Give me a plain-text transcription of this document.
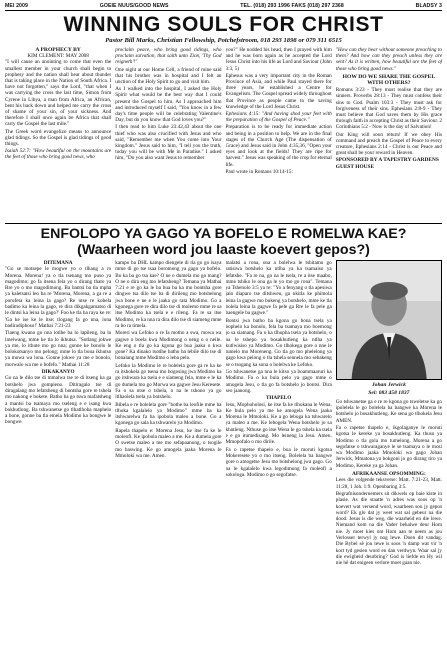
MEI 2009	GOEIE NUUS/GOOD NEWS	TEL. (018) 293 1996 FAKS (018) 297 2368	BLADSY 3
WINNING SOULS FOR CHRIST
Pastor Bill Marks, Christian Fellowship, Potchefstroom, 018 293 1898 or 079 311 6515
A PROPHECY BY
KIM CLEMENT: MAY 2008

"I will cause an anointing to come that even the smallest member in your church shall begin to prophesy and the nation shall hear about thunder that is taking place in the Nation of South Africa. I have not forgotten," says the Lord, "that when I was carrying the cross the last time, Simon from Cyrene in Libya, a man from Africa, an African, bent his back down and helped me carry the cross of shame of your sin, of your sickness. And therefore I shall once again be Africa that shall carry the Gospel the last mile."

The Greek word evangelizo means to announce glad tidings. So the Gospel is glad tidings of good things.

Isaiah 52:7: "How beautiful on the mountains are the feet of those who bring good news, who

proclaim peace, who bring good tidings, who proclaim salvation, that saith unto Zion, 'Thy God reigneth'!"

One night at our Home Cell, a friend of mine said that his brother was in hospital and I felt an unction of the Holy Spirit to go and visit him.

As I walked into the hospital, I asked the Holy Spirit what would be the best way that I could present the Gospel to him. As I approached him and introduced myself I said, "You know in a few day's time people will be celebrating Valentine's Day, but do you know that God loves you?"

I then read to him Luke 23:42,43 about the one thief who was also crucified with Jesus and who said, "Remember me when You come into Your kingdom." Jesus said to him, "I tell you the truth, today you will be with Me in Paradise." I asked him, "Do you also want Jesus to remember

you?" He nodded his head, then I prayed with him and he was born again as he accepted the Lord Jesus Christ into his life as Lord and Saviour (John 3:3, 5)

Ephesus was a very important city in the Roman Province of Asia, and while Paul stayed there for three years, he established a Centre for Evangelism. The Gospel spread widely throughout that Province as people came to the saving knowledge of the Lord Jesus Christ.

Ephesians 4:15: "And having shod your feet with the preparation of the Gospel of Peace."

Preparation is to be ready for immediate action and being in a position to help. We are in the final stages of the Church Age (The dispensation of Grace) and Jesus said in John 4:35,36, "Open your eyes and look at the fields! They are ripe for harvest." Jesus was speaking of the crop for eternal life.

Paul wrote in Romans 10:14-15:

"How can they hear without someone preaching to them? And how can they preach unless they are sent? As it is written, how beautiful are the feet of those who bring good news."

HOW DO WE SHARE THE GOSPEL WITH OTHERS?

Romans 3:23 - They must realise that they are sinners. Proverbs 28:13 - They must confess their sins to God. Psalm 103:3 - They must ask for forgiveness of their sins. Ephesians 2:8-9 - They must believe that God saves them by His grace through faith in accepting Christ as their Saviour. 2 Corinthians 5:2 - Now is the day of Salvation!

Our King will soon return! If we obey His command and preach the Gospel of Peace to every creature, Ephesians 2:14 - Christ is our Peace and great shall be your reward in Heaven.

SPONSORED BY A TAPESTRY GARDENS GUEST HOUSE
ENFOLOPO YA GAGO YA BOFELO E ROMELWA KAE?
(Waarheen word jou laaste koevert gepos?)
DITEMANA

"Go se motsepe le mogwe yo o tlhang a ro Morena. Morena! ya o tla tsenang mo puso ya magodimo; go fa itsena fela yo o dirang thato ya Rre yo o mo magodimong. Ba bantsi ba tla mpha ya kaletsatsi leo ba re 'Morena, Morena, a ga re a porofeta ka leina la gago? Re ntse re kobela badimo ka leina la gago, re dira dikgakgamatso di le dintsi ka leina la gago?' Foo ke tla ba raya ke re: 'Ga ke ise ke le itse; tlogang fa go nna, lona badiradiphoso!' Mathai 7:21-23

Tlaeng kwano go nna lotlhe ba lo lapileng, ba lo imelwang, mme ke tla lo ikhutsa. "Sotlang jokwe ya me, lo ithute mo go nna; gonne ke bonolo le bolokotsanyo mo pelong; mme lo tla bona ikhutso ya mowa wa lona. Gonne jokwe ya me e bonolo, morwalo wa me o bofefo." Mathai 11:28

DIKAKANYO

Go na le dilo tse di mmalwa tse re di itseng ka ga botshelo jwa gompieno. Ditiragalo tse di diragalang mo lefatsheng di bontsha gore re tshela mo nakong e bokete. Batho ba go tswa mafatsheng a mantsi ba tsamaya mo tseleng e e isang kwa bokhutlong. Ba tshwanetse go tlhatlhoba maphelo a bone, gonne ba tla emela Modimo ka bongwe le bongwe.

kampo ba DHL kampo diengele di tla go go isaya mme di go tse tsaa boromong ya gago ya bofelo. Bo ka ba go tsa kae? O ne o dumela mo go mang? O ne o dira eng mo lefatsheng? Temana ya Mathai 7:21 e re go ka le ba bua ba ka mo bontsha gore dingwe tsa dilo tse ba di dirileng mo botshelong jwa bone e ne e le jaaka go rata Modimo. Go a kgonega gore re dira dilo tse di molemo mme re sa itse Modimo ka tsela e e rileng. Fa re sa itse Modimo, re ka nna ra dira dilo tse di siameng mme ra bo ra timela.

Moreri wa Lefoko o re fa motho a swa, mowa wa gagwe o boela kwa Modimong o neng o o neile. Ke eng o tla go ka kgona go bua jaaka o kwa gone? Ka dinako tsotlhe batho ba lebile dilo tse di bonalang mme Modimo o leba pelo.

Lefoko la Modimo le re bolelela gore ga re ka ke ra itshokela go tsena mo bogosing jwa Modimo ka go itshwara ka tsela e e siameng fela, mme e le ka go dumela mo go Morwa wa gagwe Jesu Keresete. Fa o sa ntse o tshela, o na le tshono ya go itlhaolela tsela ya botshelo.

Bibela e re bolelela gore "bothe ba leofile mme ba tlhoka kgalalelo ya Modimo" mme ba ka itshwarelwa fa ba ipobola maleo a bone. Go a kgonega go sala ka tshwarelo ya Modimo.

Rapela thapelo e: Morena Jesu, ke itse fa ke le moleofi. Ke ipobola maleo a me. Ke a dumela gore O swetse maleo a me mo sefapaanong, o tsogile mo baswing. Ke go amogela jaaka Morena le Mmoloki wa me. Amen.

malatsi a rona, ona a bolelwa le tshitamo go ratisiwa botshelo ka ntlha ya ka tsamaiso ya lefatshe. "Fa re na, go na le tsela, re a itse maabo, mme tshiko le ona ga le yo mo go rona". Temana ya Tshenolo 3:5 ya re: "Yo a fenyang o tla apesiwa jalo diaparo tse ditshweu, ga nkitla ke phimola leina la gagwe mo bukeng ya botshelo, mme ke tla bolela leina la gagwe fa pele ga Rre le fa pele ga baengele ba gagwe."

Bontsi jwa batho ba kgona go bona tsela ya bophelo ka bonolo, fela ba tsamaya mo boemong jo sa siamang. Fa o ka tlhopha tsela ya botshelo, o na le tshepo ya bosakhutleng ka ntlha ya kutlwisiso ya Modimo. Go tlhokega gore o nne le tumelo mo Moreneng. Go tla go mo phelelong ya gago kwa pelong o tla tshela sennela mo sebakeng se o tsogang ka sona o bolelwa ke Lefoko.

Go tshwanetse ga nna le kitso ya boammaaruri ka Modimo. Fa o ka bula pelo ya gago mme o amogela Jesu, o tla go fa botshelo jo bontsi. Dira seo jaanong.

THAPELO

Jesu, Mophoholosi, ke itse fa ke tlhokana le Wena. Ke bula pelo ya me ke amogela Wena jaaka Morena le Mmoloki. Ke a go leboga ka tshwarelo ya maleo a me. Ke lebogela Wena botshelo jo sa khutleng. Nthuse go itse Wena le go tshela ka tsela e e go itumedisang. Mo leineng la Jesu. Amen. Mmopofalo o mo dirile.

Fa o rapetse thapelo e, bua le moruti kgotsa Mokeresete yo o mo itseng. Bolelela ba bangwe gore o amogetse Jesu mo botshelong jwa gago. Go na le kgalalelo kwa legodimong fa moleofi a sokologa. Modimo o go segofatse.

Johan Jerwick
Sel: 083 458 1837

Go tshwanetse ga e re re kgona go tsweletse ka go ipolelela le go bolelela ba bangwe ka Morena le botshelo jo bosakhutleng. Ke sena go tlhokela Jesu AMEN.

Fa o rapetse thapelo e, ikgolaganye le moruti kgotsa le kereke ya bosakhutleng. Ka thuso ya Modimo o tla gola mo tumelong. Morena a go segofatse o tshwaraganye le se tsamaya o le mosi wa Modimo jaaka Mmoloki wa gago Johan Jerwick, Mmatona ya bokgoni jo go dirang tiro ya Modimo, Kereke ya ga Johan.

AFRIKAANSE OPSOMMING:

Lees die volgende teksverse: Matt. 7:21-23, Matt. 11:28, 1 Joh. 1:9. Openbaring 3:5.

Begrafnisondernemers sit dikwels op baie kiste in plasie. As die staatte 'n adres was soos op 'n koevert wat versend word, waarheen sou jy gepos word? Ek glo dat jy weet wat sal gebeur na die dood. Jesus is die weg, die waarheid en die lewe. Niemand kom na die Vader behalwe deur Hom nie. Jy moet kies om Hom aan te neem as jou Verlosser terwyl jy nog lewe. Doen dit vandag. Die Bybel sê jou lewe is soos 'n damp wat vir 'n kort tyd gesien word en dan verdwyn. Waar sal jy die ewigheid deurbring? God is liefde en Hy wil nie hê dat enigeen verlore moet gaan nie.
